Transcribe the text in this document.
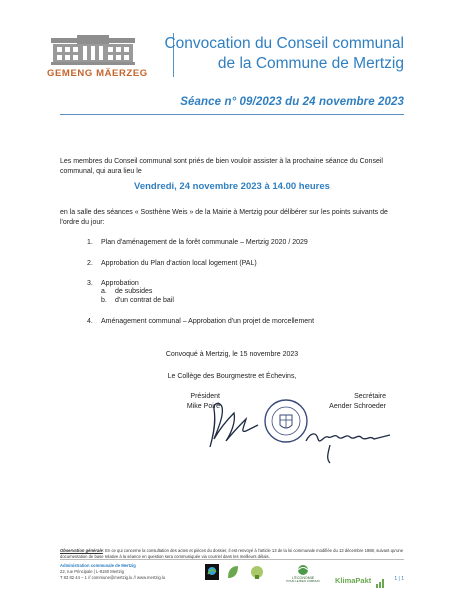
GEMENG MÄERZEG
Convocation du Conseil communal
de la Commune de Mertzig
Séance n° 09/2023 du 24 novembre 2023
Les membres du Conseil communal sont priés de bien vouloir assister à la prochaine séance du Conseil communal, qui aura lieu le
Vendredi, 24 novembre 2023 à 14.00 heures
en la salle des séances « Sosthène Weis » de la Mairie à Mertzig pour délibérer sur les points suivants de l'ordre du jour:
1. Plan d'aménagement de la forêt communale – Mertzig 2020 / 2029
2. Approbation du Plan d'action local logement (PAL)
3. Approbation
a. de subsides
b. d'un contrat de bail
4. Aménagement communal – Approbation d'un projet de morcellement
Convoqué à Mertzig, le 15 novembre 2023
Le Collège des Bourgmestre et Échevins,
Président
Mike Poiré
Secrétaire
Aender Schroeder
Observation générale: En ce qui concerne la consultation des actes et pièces du dossier, il est renvoyé à l'article 13 de la loi communale modifiée du 13 décembre 1988, suivant qu'une documentation de base relative à la séance en question sera communiquée via courriel dans les meilleurs délais.
Administration communale de Mertzig
22, rue Principale | L-9180 Mertzig
T 83 82 44 – 1 // commune@mertzig.lu // www.mertzig.lu	L'ÉCONOMIE
POUR LE BIEN COMMUN	KlimaPakt	1 | 1
